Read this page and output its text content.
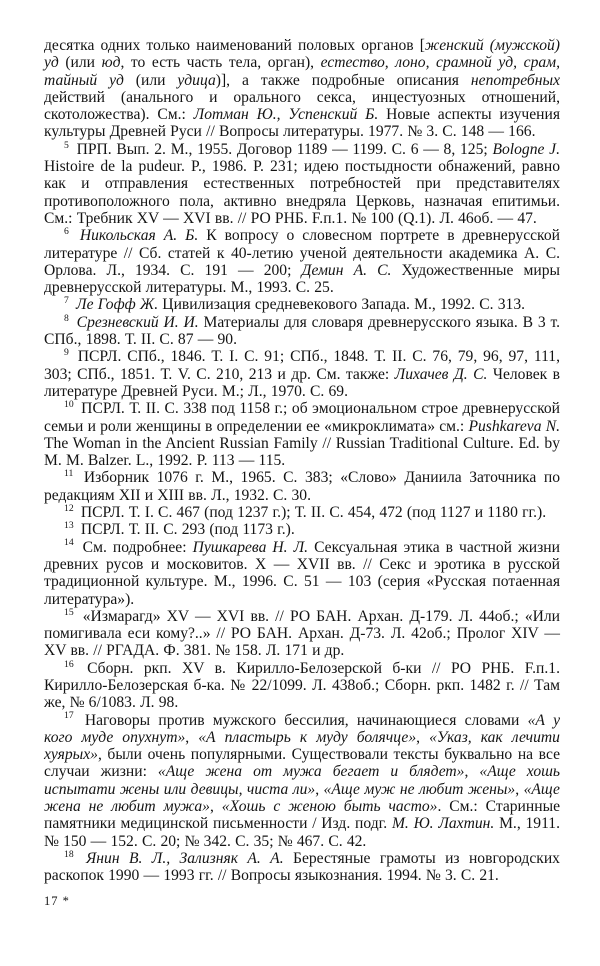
десятка одних только наименований половых органов [женский (мужской) уд (или юд, то есть часть тела, орган), естество, лоно, срамной уд, срам, тайный уд (или удица)], а также подробные описания непотребных действий (анального и орального секса, инцестуозных отношений, скотоложества). См.: Лотман Ю., Успенский Б. Новые аспекты изучения культуры Древней Руси // Вопросы литературы. 1977. № 3. С. 148 — 166.

$^5$ ПРП. Вып. 2. М., 1955. Договор 1189 — 1199. С. 6 — 8, 125; Bologne J. Histoire de la pudeur. P., 1986. P. 231; идею постыдности обнажений, равно как и отправления естественных потребностей при представителях противоположного пола, активно внедряла Церковь, назначая епитимьи. См.: Требник XV — XVI вв. // РО РНБ. F.п.1. № 100 (Q.1). Л. 46об. — 47.

$^6$ Никольская А. Б. К вопросу о словесном портрете в древнерусской литературе // Сб. статей к 40-летию ученой деятельности академика А. С. Орлова. Л., 1934. С. 191 — 200; Демин А. С. Художественные миры древнерусской литературы. М., 1993. С. 25.

$^7$ Ле Гофф Ж. Цивилизация средневекового Запада. М., 1992. С. 313.

$^8$ Срезневский И. И. Материалы для словаря древнерусского языка. В 3 т. СПб., 1898. Т. II. С. 87 — 90.

$^9$ ПСРЛ. СПб., 1846. Т. I. С. 91; СПб., 1848. Т. II. С. 76, 79, 96, 97, 111, 303; СПб., 1851. Т. V. С. 210, 213 и др. См. также: Лихачев Д. С. Человек в литературе Древней Руси. М.; Л., 1970. С. 69.

$^{10}$ ПСРЛ. Т. II. С. 338 под 1158 г.; об эмоциональном строе древнерусской семьи и роли женщины в определении ее «микроклимата» см.: Pushkareva N. The Woman in the Ancient Russian Family // Russian Traditional Culture. Ed. by M. M. Balzer. L., 1992. P. 113 — 115.

$^{11}$ Изборник 1076 г. М., 1965. С. 383; «Слово» Даниила Заточника по редакциям XII и XIII вв. Л., 1932. С. 30.

$^{12}$ ПСРЛ. Т. I. С. 467 (под 1237 г.); Т. II. С. 454, 472 (под 1127 и 1180 гг.).

$^{13}$ ПСРЛ. Т. II. С. 293 (под 1173 г.).

$^{14}$ См. подробнее: Пушкарева Н. Л. Сексуальная этика в частной жизни древних русов и московитов. X — XVII вв. // Секс и эротика в русской традиционной культуре. М., 1996. С. 51 — 103 (серия «Русская потаенная литература»).

$^{15}$ «Измарагд» XV — XVI вв. // РО БАН. Архан. Д-179. Л. 44об.; «Или помигивала еси кому?..» // РО БАН. Архан. Д-73. Л. 42об.; Пролог XIV — XV вв. // РГАДА. Ф. 381. № 158. Л. 171 и др.

$^{16}$ Сборн. ркп. XV в. Кирилло-Белозерской б-ки // РО РНБ. F.п.1. Кирилло-Белозерская б-ка. № 22/1099. Л. 438об.; Сборн. ркп. 1482 г. // Там же, № 6/1083. Л. 98.

$^{17}$ Наговоры против мужского бессилия, начинающиеся словами «А у кого муде опухнут», «А пластырь к муду болячце», «Указ, как лечити хуярых», были очень популярными. Существовали тексты буквально на все случаи жизни: «Аще жена от мужа бегает и блядет», «Аще хошь испытати жены или девицы, чиста ли», «Аще муж не любит жены», «Аще жена не любит мужа», «Хошь с женою быть часто». См.: Старинные памятники медицинской письменности / Изд. подг. М. Ю. Лахтин. М., 1911. № 150 — 152. С. 20; № 342. С. 35; № 467. С. 42.

$^{18}$ Янин В. Л., Зализняк А. А. Берестяные грамоты из новгородских раскопок 1990 — 1993 гг. // Вопросы языкознания. 1994. № 3. С. 21.

17 *
